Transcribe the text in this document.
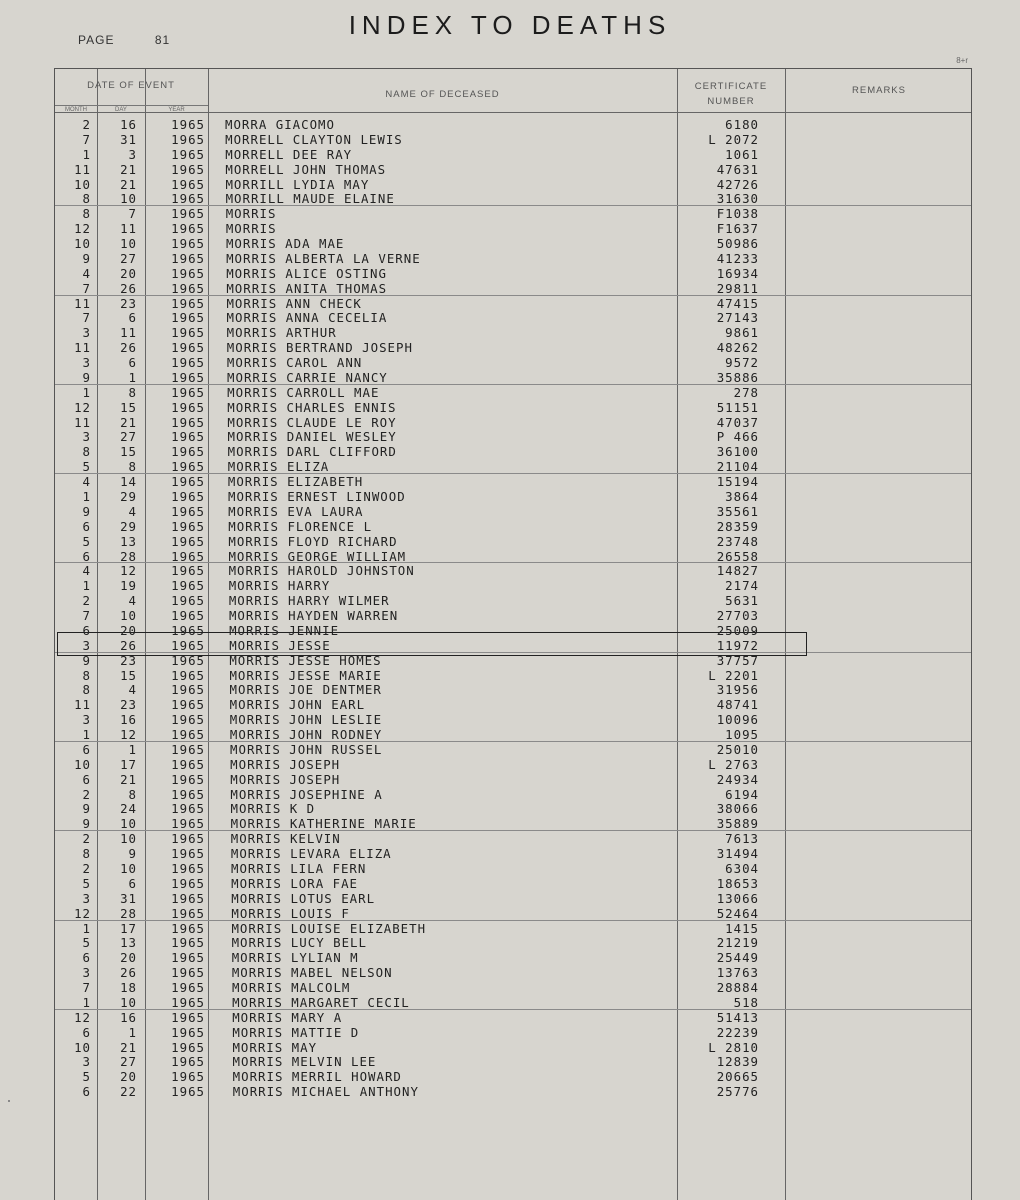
PAGE	81	INDEX TO DEATHS
8+r
DATE OF EVENT
MONTH	DAY	YEAR
NAME OF DECEASED
CERTIFICATE NUMBER
REMARKS
2	16	1965 MORRA GIACOMO	6180
7	31	1965 MORRELL CLAYTON LEWIS	L 2072
1	3	1965 MORRELL DEE RAY	1061
11	21	1965 MORRELL JOHN THOMAS	47631
10	21	1965 MORRILL LYDIA MAY	42726
8	10	1965 MORRILL MAUDE ELAINE	31630
8	7	1965 MORRIS	F1038
12	11	1965 MORRIS	F1637
10	10	1965 MORRIS ADA MAE	50986
9	27	1965 MORRIS ALBERTA LA VERNE	41233
4	20	1965 MORRIS ALICE OSTING	16934
7	26	1965 MORRIS ANITA THOMAS	29811
11	23	1965 MORRIS ANN CHECK	47415
7	6	1965 MORRIS ANNA CECELIA	27143
3	11	1965 MORRIS ARTHUR	9861
11	26	1965 MORRIS BERTRAND JOSEPH	48262
3	6	1965 MORRIS CAROL ANN	9572
9	1	1965 MORRIS CARRIE NANCY	35886
1	8	1965 MORRIS CARROLL MAE	278
12	15	1965 MORRIS CHARLES ENNIS	51151
11	21	1965 MORRIS CLAUDE LE ROY	47037
3	27	1965 MORRIS DANIEL WESLEY	P 466
8	15	1965 MORRIS DARL CLIFFORD	36100
5	8	1965 MORRIS ELIZA	21104
4	14	1965 MORRIS ELIZABETH	15194
1	29	1965 MORRIS ERNEST LINWOOD	3864
9	4	1965 MORRIS EVA LAURA	35561
6	29	1965 MORRIS FLORENCE L	28359
5	13	1965 MORRIS FLOYD RICHARD	23748
6	28	1965 MORRIS GEORGE WILLIAM	26558
4	12	1965 MORRIS HAROLD JOHNSTON	14827
1	19	1965 MORRIS HARRY	2174
2	4	1965 MORRIS HARRY WILMER	5631
7	10	1965 MORRIS HAYDEN WARREN	27703
6	20	1965 MORRIS JENNIE	25009
3	26	1965 MORRIS JESSE	11972
9	23	1965 MORRIS JESSE HOMES	37757
8	15	1965 MORRIS JESSE MARIE	L 2201
8	4	1965 MORRIS JOE DENTMER	31956
11	23	1965 MORRIS JOHN EARL	48741
3	16	1965 MORRIS JOHN LESLIE	10096
1	12	1965 MORRIS JOHN RODNEY	1095
6	1	1965 MORRIS JOHN RUSSEL	25010
10	17	1965 MORRIS JOSEPH	L 2763
6	21	1965 MORRIS JOSEPH	24934
2	8	1965 MORRIS JOSEPHINE A	6194
9	24	1965 MORRIS K D	38066
9	10	1965 MORRIS KATHERINE MARIE	35889
2	10	1965 MORRIS KELVIN	7613
8	9	1965 MORRIS LEVARA ELIZA	31494
2	10	1965 MORRIS LILA FERN	6304
5	6	1965 MORRIS LORA FAE	18653
3	31	1965 MORRIS LOTUS EARL	13066
12	28	1965 MORRIS LOUIS F	52464
1	17	1965 MORRIS LOUISE ELIZABETH	1415
5	13	1965 MORRIS LUCY BELL	21219
6	20	1965 MORRIS LYLIAN M	25449
3	26	1965 MORRIS MABEL NELSON	13763
7	18	1965 MORRIS MALCOLM	28884
1	10	1965 MORRIS MARGARET CECIL	518
12	16	1965 MORRIS MARY A	51413
6	1	1965 MORRIS MATTIE D	22239
10	21	1965 MORRIS MAY	L 2810
3	27	1965 MORRIS MELVIN LEE	12839
5	20	1965 MORRIS MERRIL HOWARD	20665
6	22	1965 MORRIS MICHAEL ANTHONY	25776
